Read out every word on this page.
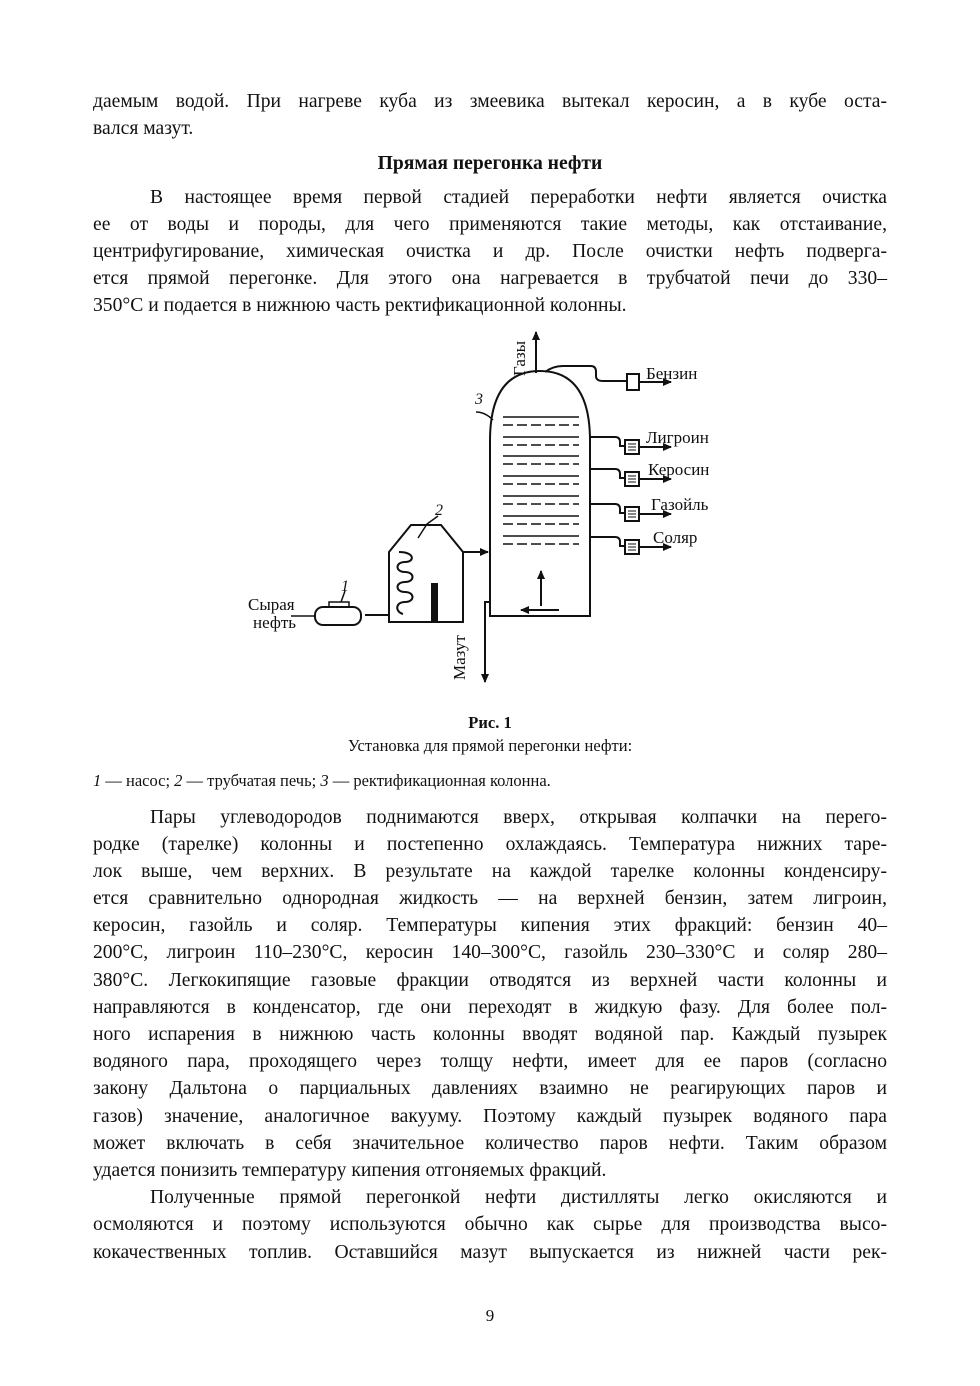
даемым водой. При нагреве куба из змеевика вытекал керосин, а в кубе оста-
вался мазут.
Прямая перегонка нефти
В настоящее время первой стадией переработки нефти является очистка
ее от воды и породы, для чего применяются такие методы, как отстаивание,
центрифугирование, химическая очистка и др. После очистки нефть подверга-
ется прямой перегонке. Для этого она нагревается в трубчатой печи до 330–
350°С и подается в нижнюю часть ректификационной колонны.
Газы
3
Бензин
Лигроин
Керосин
Газойль
Соляр
Мазут
2
1
Сырая
нефть
Рис. 1
Установка для прямой перегонки нефти:
1 — насос; 2 — трубчатая печь; 3 — ректификационная колонна.
Пары углеводородов поднимаются вверх, открывая колпачки на перего-
родке (тарелке) колонны и постепенно охлаждаясь. Температура нижних таре-
лок выше, чем верхних. В результате на каждой тарелке колонны конденсиру-
ется сравнительно однородная жидкость — на верхней бензин, затем лигроин,
керосин, газойль и соляр. Температуры кипения этих фракций: бензин 40–
200°С, лигроин 110–230°С, керосин 140–300°С, газойль 230–330°С и соляр 280–
380°С. Легкокипящие газовые фракции отводятся из верхней части колонны и
направляются в конденсатор, где они переходят в жидкую фазу. Для более пол-
ного испарения в нижнюю часть колонны вводят водяной пар. Каждый пузырек
водяного пара, проходящего через толщу нефти, имеет для ее паров (согласно
закону Дальтона о парциальных давлениях взаимно не реагирующих паров и
газов) значение, аналогичное вакууму. Поэтому каждый пузырек водяного пара
может включать в себя значительное количество паров нефти. Таким образом
удается понизить температуру кипения отгоняемых фракций.
Полученные прямой перегонкой нефти дистилляты легко окисляются и
осмоляются и поэтому используются обычно как сырье для производства высо-
кокачественных топлив. Оставшийся мазут выпускается из нижней части рек-
9
